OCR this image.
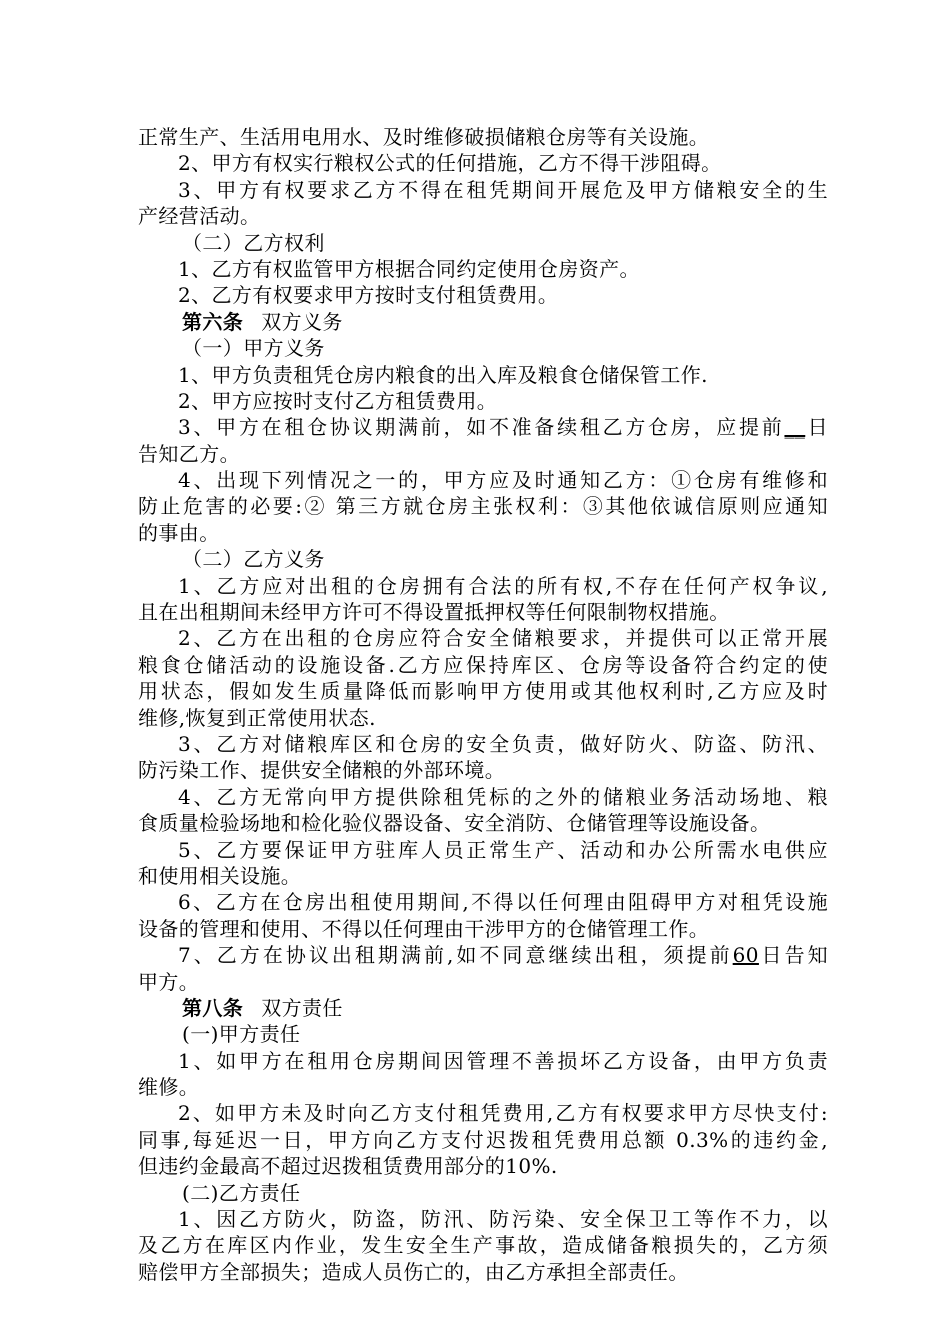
正常生产、生活用电用水、及时维修破损储粮仓房等有关设施。
2、甲方有权实行粮权公式的任何措施，乙方不得干涉阻碍。
3、甲方有权要求乙方不得在租凭期间开展危及甲方储粮安全的生
产经营活动。
（二）乙方权利
1、乙方有权监管甲方根据合同约定使用仓房资产。
2、乙方有权要求甲方按时支付租赁费用。
第六条 双方义务
（一）甲方义务
1、甲方负责租凭仓房内粮食的出入库及粮食仓储保管工作.
2、甲方应按时支付乙方租赁费用。
3、甲方在租仓协议期满前，如不准备续租乙方仓房，应提前__日
告知乙方。
4、出现下列情况之一的，甲方应及时通知乙方：①仓房有维修和
防止危害的必要:② 第三方就仓房主张权利：③其他依诚信原则应通知
的事由。
（二）乙方义务
1、乙方应对出租的仓房拥有合法的所有权,不存在任何产权争议,
且在出租期间未经甲方许可不得设置抵押权等任何限制物权措施。
2、乙方在出租的仓房应符合安全储粮要求，并提供可以正常开展
粮食仓储活动的设施设备.乙方应保持库区、仓房等设备符合约定的使
用状态，假如发生质量降低而影响甲方使用或其他权利时,乙方应及时
维修,恢复到正常使用状态.
3、乙方对储粮库区和仓房的安全负责，做好防火、防盗、防汛、
防污染工作、提供安全储粮的外部环境。
4、乙方无常向甲方提供除租凭标的之外的储粮业务活动场地、粮
食质量检验场地和检化验仪器设备、安全消防、仓储管理等设施设备。
5、乙方要保证甲方驻库人员正常生产、活动和办公所需水电供应
和使用相关设施。
6、乙方在仓房出租使用期间,不得以任何理由阻碍甲方对租凭设施
设备的管理和使用、不得以任何理由干涉甲方的仓储管理工作。
7、乙方在协议出租期满前,如不同意继续出租，须提前60日告知
甲方。
第八条 双方责任
(一)甲方责任
1、如甲方在租用仓房期间因管理不善损坏乙方设备，由甲方负责
维修。
2、如甲方未及时向乙方支付租凭费用,乙方有权要求甲方尽快支付:
同事,每延迟一日，甲方向乙方支付迟拨租凭费用总额 0.3%的违约金,
但违约金最高不超过迟拨租赁费用部分的10%.
(二)乙方责任
1、因乙方防火，防盗，防汛、防污染、安全保卫工等作不力，以
及乙方在库区内作业，发生安全生产事故，造成储备粮损失的，乙方须
赔偿甲方全部损失；造成人员伤亡的，由乙方承担全部责任。
